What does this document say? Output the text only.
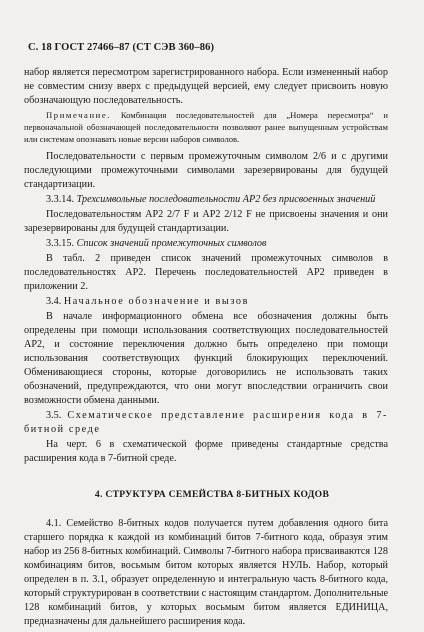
С. 18 ГОСТ 27466–87 (СТ СЭВ 360–86)

набор является пересмотром зарегистрированного набора. Если измененный набор не совместим снизу вверх с предыдущей версией, ему следует присвоить новую обозначающую последовательность.

Примечание. Комбинация последовательностей для „Номера пересмотра“ и первоначальной обозначающей последовательности позволяют ранее выпущенным устройствам или системам опознавать новые версии наборов символов.

Последовательности с первым промежуточным символом 2/6 и с другими последующими промежуточными символами зарезервированы для будущей стандартизации.

3.3.14. Трехсимвольные последовательности АР2 без присвоенных значений

Последовательностям АР2 2/7 F и АР2 2/12 F не присвоены значения и они зарезервированы для будущей стандартизации.

3.3.15. Список значений промежуточных символов

В табл. 2 приведен список значений промежуточных символов в последовательностях АР2. Перечень последовательностей АР2 приведен в приложении 2.

3.4. Начальное обозначение и вызов

В начале информационного обмена все обозначения должны быть определены при помощи использования соответствующих последовательностей АР2, и состояние переключения должно быть определено при помощи использования соответствующих функций блокирующих переключений. Обменивающиеся стороны, которые договорились не использовать таких обозначений, предупреждаются, что они могут впоследствии ограничить свои возможности обмена данными.

3.5. Схематическое представление расширения кода в 7-битной среде

На черт. 6 в схематической форме приведены стандартные средства расширения кода в 7-битной среде.

4. СТРУКТУРА СЕМЕЙСТВА 8-БИТНЫХ КОДОВ

4.1. Семейство 8-битных кодов получается путем добавления одного бита старшего порядка к каждой из комбинаций битов 7-битного кода, образуя этим набор из 256 8-битных комбинаций. Символы 7-битного набора присваиваются 128 комбинациям битов, восьмым битом которых является НУЛЬ. Набор, который определен в п. 3.1, образует определенную и интегральную часть 8-битного кода, который структурирован в соответствии с настоящим стандартом. Дополнительные 128 комбинаций битов, у которых восьмым битом является ЕДИНИЦА, предназначены для дальнейшего расширения кода.
